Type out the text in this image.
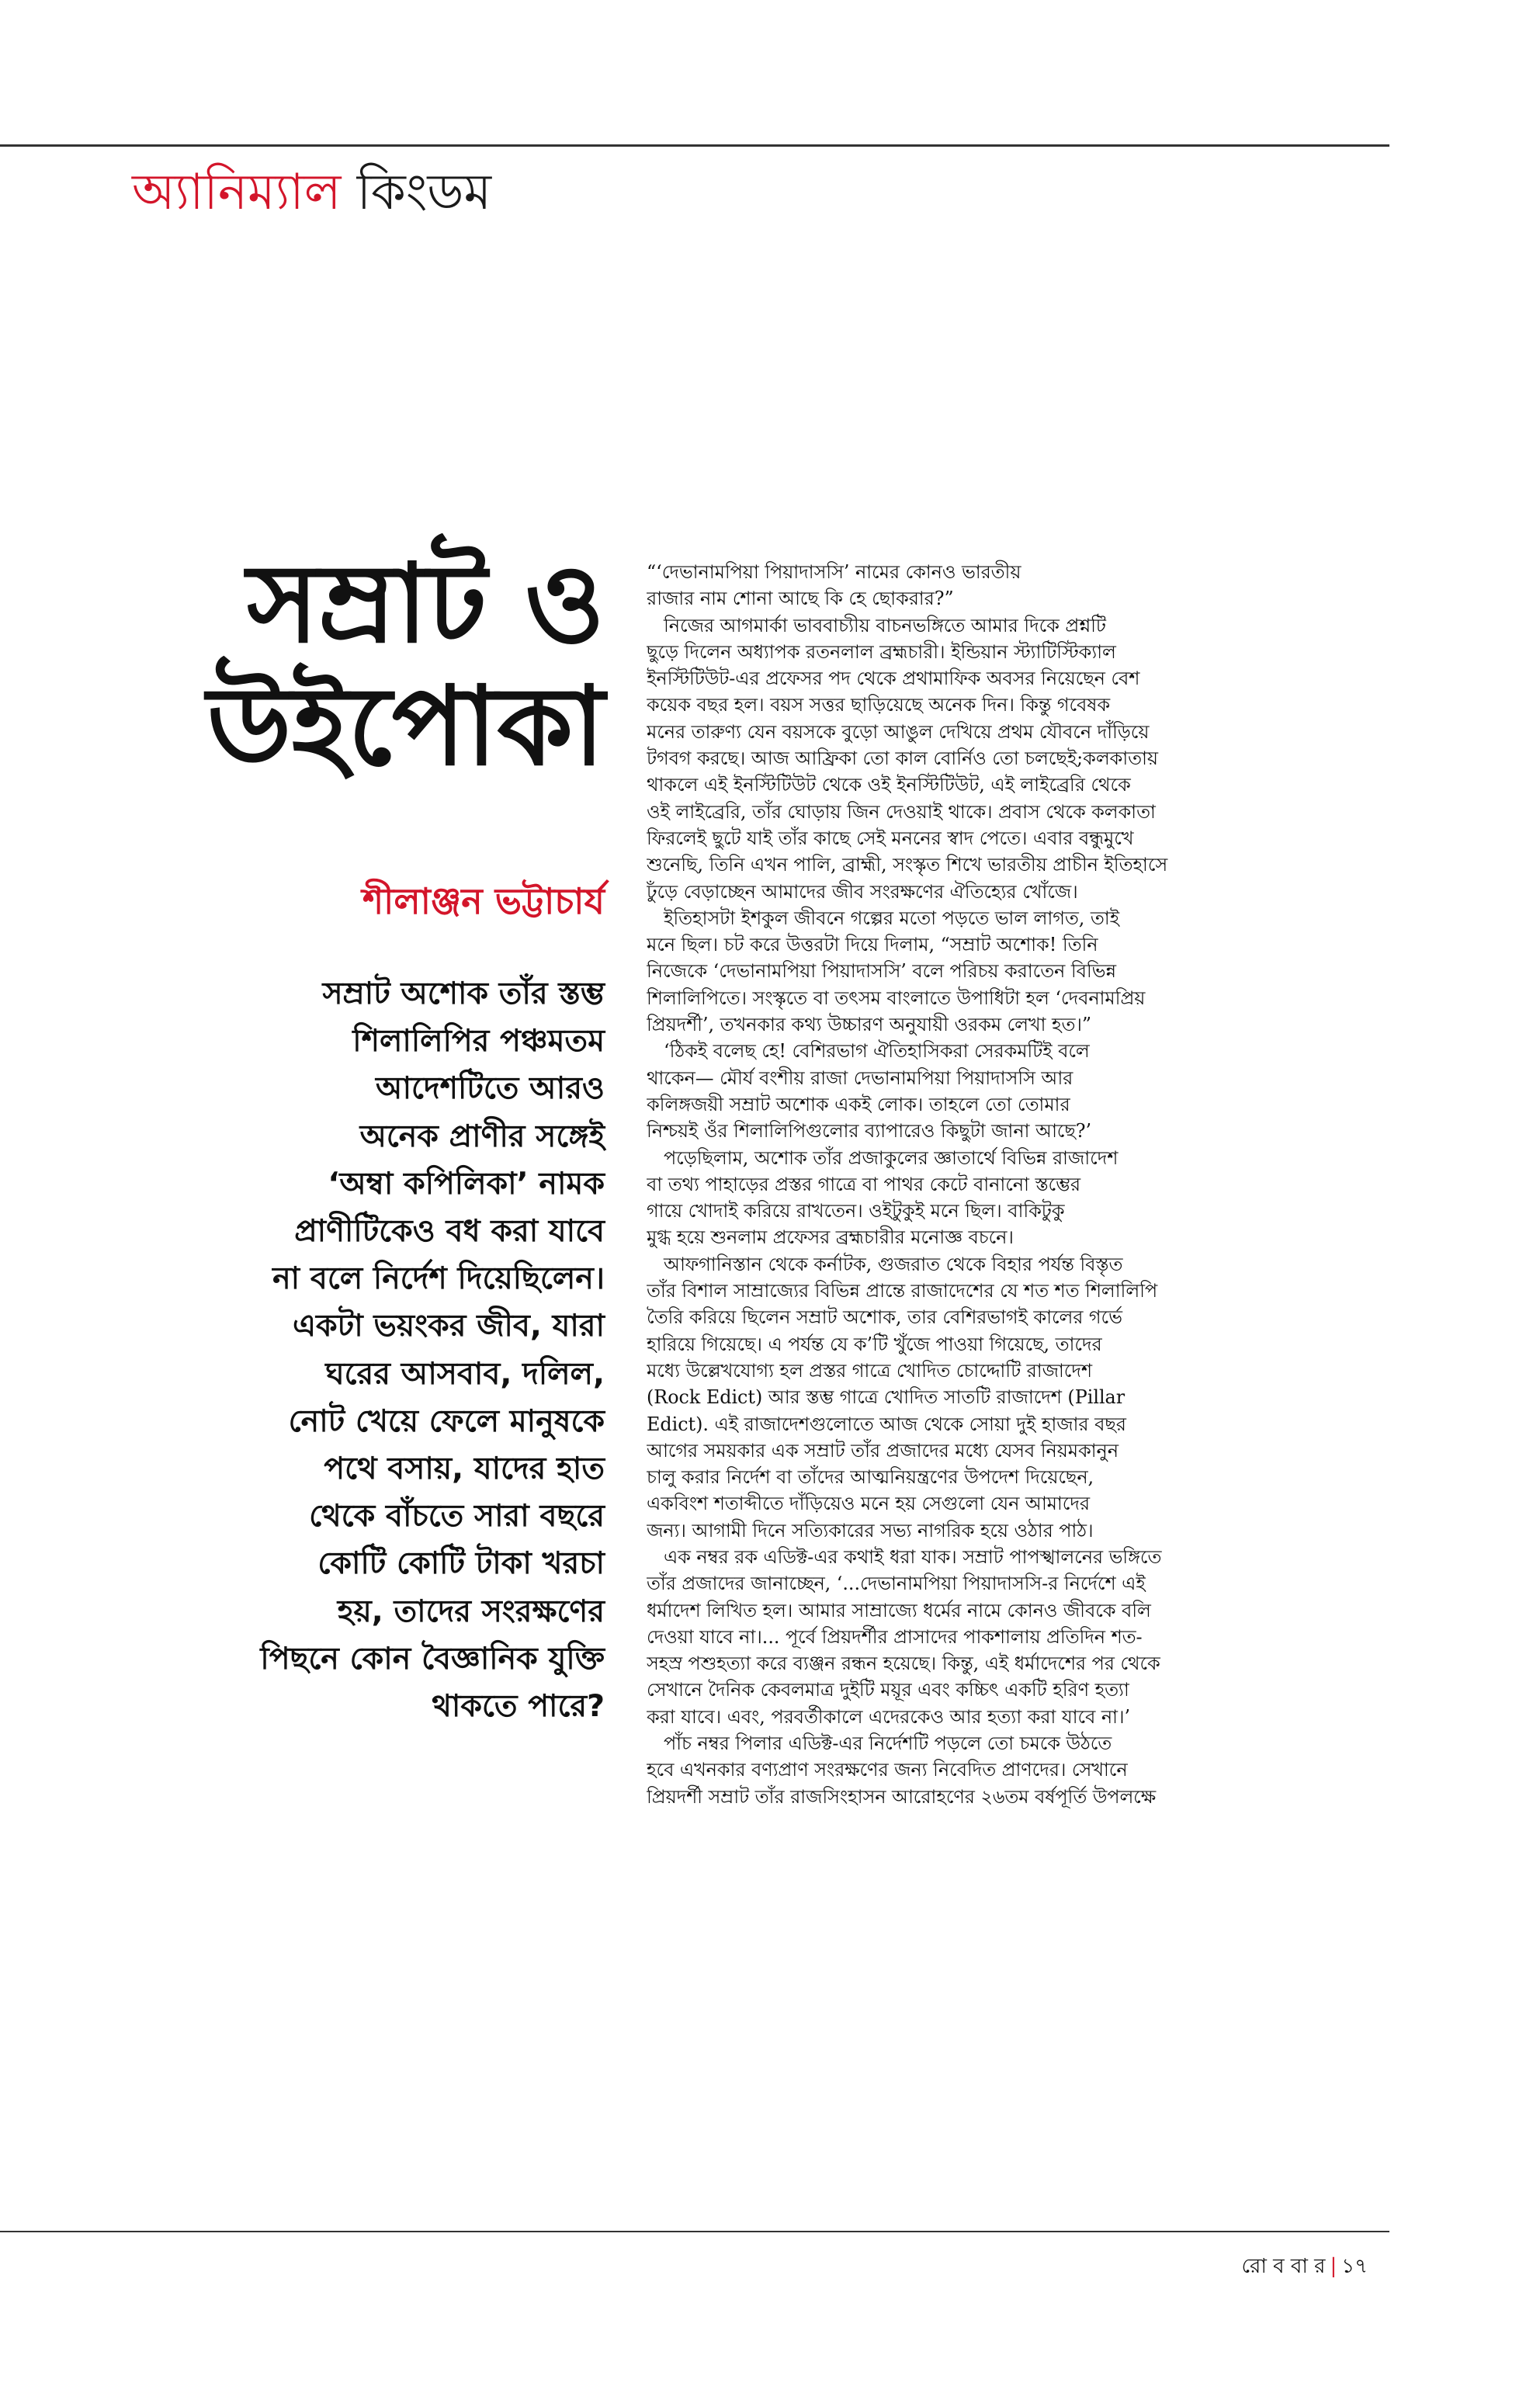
অ্যানিম্যাল কিংডম
সম্রাট ও
উইপোকা
শীলাঞ্জন ভট্টাচার্য
সম্রাট অশোক তাঁর স্তম্ভ
শিলালিপির পঞ্চমতম
আদেশটিতে আরও
অনেক প্রাণীর সঙ্গেই
‘অম্বা কপিলিকা’ নামক
প্রাণীটিকেও বধ করা যাবে
না বলে নির্দেশ দিয়েছিলেন।
একটা ভয়ংকর জীব, যারা
ঘরের আসবাব, দলিল,
নোট খেয়ে ফেলে মানুষকে
পথে বসায়, যাদের হাত
থেকে বাঁচতে সারা বছরে
কোটি কোটি টাকা খরচা
হয়, তাদের সংরক্ষণের
পিছনে কোন বৈজ্ঞানিক যুক্তি
থাকতে পারে?
“‘দেভানামপিয়া পিয়াদাসসি’ নামের কোনও ভারতীয়
রাজার নাম শোনা আছে কি হে ছোকরার?”
নিজের আগমার্কা ভাববাচ্যীয় বাচনভঙ্গিতে আমার দিকে প্রশ্নটি
ছুড়ে দিলেন অধ্যাপক রতনলাল ব্রহ্মচারী। ইন্ডিয়ান স্ট্যাটিস্টিক্যাল
ইনস্টিটিউট-এর প্রফেসর পদ থেকে প্রথামাফিক অবসর নিয়েছেন বেশ
কয়েক বছর হল। বয়স সত্তর ছাড়িয়েছে অনেক দিন। কিন্তু গবেষক
মনের তারুণ্য যেন বয়সকে বুড়ো আঙুল দেখিয়ে প্রথম যৌবনে দাঁড়িয়ে
টগবগ করছে। আজ আফ্রিকা তো কাল বোর্নিও তো চলছেই;কলকাতায়
থাকলে এই ইনস্টিটিউট থেকে ওই ইনস্টিটিউট, এই লাইব্রেরি থেকে
ওই লাইব্রেরি, তাঁর ঘোড়ায় জিন দেওয়াই থাকে। প্রবাস থেকে কলকাতা
ফিরলেই ছুটে যাই তাঁর কাছে সেই মননের স্বাদ পেতে। এবার বন্ধুমুখে
শুনেছি, তিনি এখন পালি, ব্রাহ্মী, সংস্কৃত শিখে ভারতীয় প্রাচীন ইতিহাসে
ঢুঁড়ে বেড়াচ্ছেন আমাদের জীব সংরক্ষণের ঐতিহ্যের খোঁজে।
ইতিহাসটা ইশকুল জীবনে গল্পের মতো পড়তে ভাল লাগত, তাই
মনে ছিল। চট করে উত্তরটা দিয়ে দিলাম, “সম্রাট অশোক! তিনি
নিজেকে ‘দেভানামপিয়া পিয়াদাসসি’ বলে পরিচয় করাতেন বিভিন্ন
শিলালিপিতে। সংস্কৃতে বা তৎসম বাংলাতে উপাধিটা হল ‘দেবনামপ্রিয়
প্রিয়দর্শী’, তখনকার কথ্য উচ্চারণ অনুযায়ী ওরকম লেখা হত।”
‘ঠিকই বলেছ হে! বেশিরভাগ ঐতিহাসিকরা সেরকমটিই বলে
থাকেন— মৌর্য বংশীয় রাজা দেভানামপিয়া পিয়াদাসসি আর
কলিঙ্গজয়ী সম্রাট অশোক একই লোক। তাহলে তো তোমার
নিশ্চয়ই ওঁর শিলালিপিগুলোর ব্যাপারেও কিছুটা জানা আছে?’
পড়েছিলাম, অশোক তাঁর প্রজাকুলের জ্ঞাতার্থে বিভিন্ন রাজাদেশ
বা তথ্য পাহাড়ের প্রস্তর গাত্রে বা পাথর কেটে বানানো স্তম্ভের
গায়ে খোদাই করিয়ে রাখতেন। ওইটুকুই মনে ছিল। বাকিটুকু
মুগ্ধ হয়ে শুনলাম প্রফেসর ব্রহ্মচারীর মনোজ্ঞ বচনে।
আফগানিস্তান থেকে কর্নাটক, গুজরাত থেকে বিহার পর্যন্ত বিস্তৃত
তাঁর বিশাল সাম্রাজ্যের বিভিন্ন প্রান্তে রাজাদেশের যে শত শত শিলালিপি
তৈরি করিয়ে ছিলেন সম্রাট অশোক, তার বেশিরভাগই কালের গর্ভে
হারিয়ে গিয়েছে। এ পর্যন্ত যে ক’টি খুঁজে পাওয়া গিয়েছে, তাদের
মধ্যে উল্লেখযোগ্য হল প্রস্তর গাত্রে খোদিত চোদ্দোটি রাজাদেশ
(Rock Edict) আর স্তম্ভ গাত্রে খোদিত সাতটি রাজাদেশ (Pillar
Edict). এই রাজাদেশগুলোতে আজ থেকে সোয়া দুই হাজার বছর
আগের সময়কার এক সম্রাট তাঁর প্রজাদের মধ্যে যেসব নিয়মকানুন
চালু করার নির্দেশ বা তাঁদের আত্মনিয়ন্ত্রণের উপদেশ দিয়েছেন,
একবিংশ শতাব্দীতে দাঁড়িয়েও মনে হয় সেগুলো যেন আমাদের
জন্য। আগামী দিনে সত্যিকারের সভ্য নাগরিক হয়ে ওঠার পাঠ।
এক নম্বর রক এডিক্ট-এর কথাই ধরা যাক। সম্রাট পাপস্খালনের ভঙ্গিতে
তাঁর প্রজাদের জানাচ্ছেন, ‘...দেভানামপিয়া পিয়াদাসসি-র নির্দেশে এই
ধর্মাদেশ লিখিত হল। আমার সাম্রাজ্যে ধর্মের নামে কোনও জীবকে বলি
দেওয়া যাবে না।... পূর্বে প্রিয়দর্শীর প্রাসাদের পাকশালায় প্রতিদিন শত-
সহস্র পশুহত্যা করে ব্যঞ্জন রন্ধন হয়েছে। কিন্তু, এই ধর্মাদেশের পর থেকে
সেখানে দৈনিক কেবলমাত্র দুইটি ময়ূর এবং কচ্চিৎ একটি হরিণ হত্যা
করা যাবে। এবং, পরবর্তীকালে এদেরকেও আর হত্যা করা যাবে না।’
পাঁচ নম্বর পিলার এডিক্ট-এর নির্দেশটি পড়লে তো চমকে উঠতে
হবে এখনকার বণ্যপ্রাণ সংরক্ষণের জন্য নিবেদিত প্রাণদের। সেখানে
প্রিয়দর্শী সম্রাট তাঁর রাজসিংহাসন আরোহণের ২৬তম বর্ষপূর্তি উপলক্ষে
রো ব বা র | ১৭
